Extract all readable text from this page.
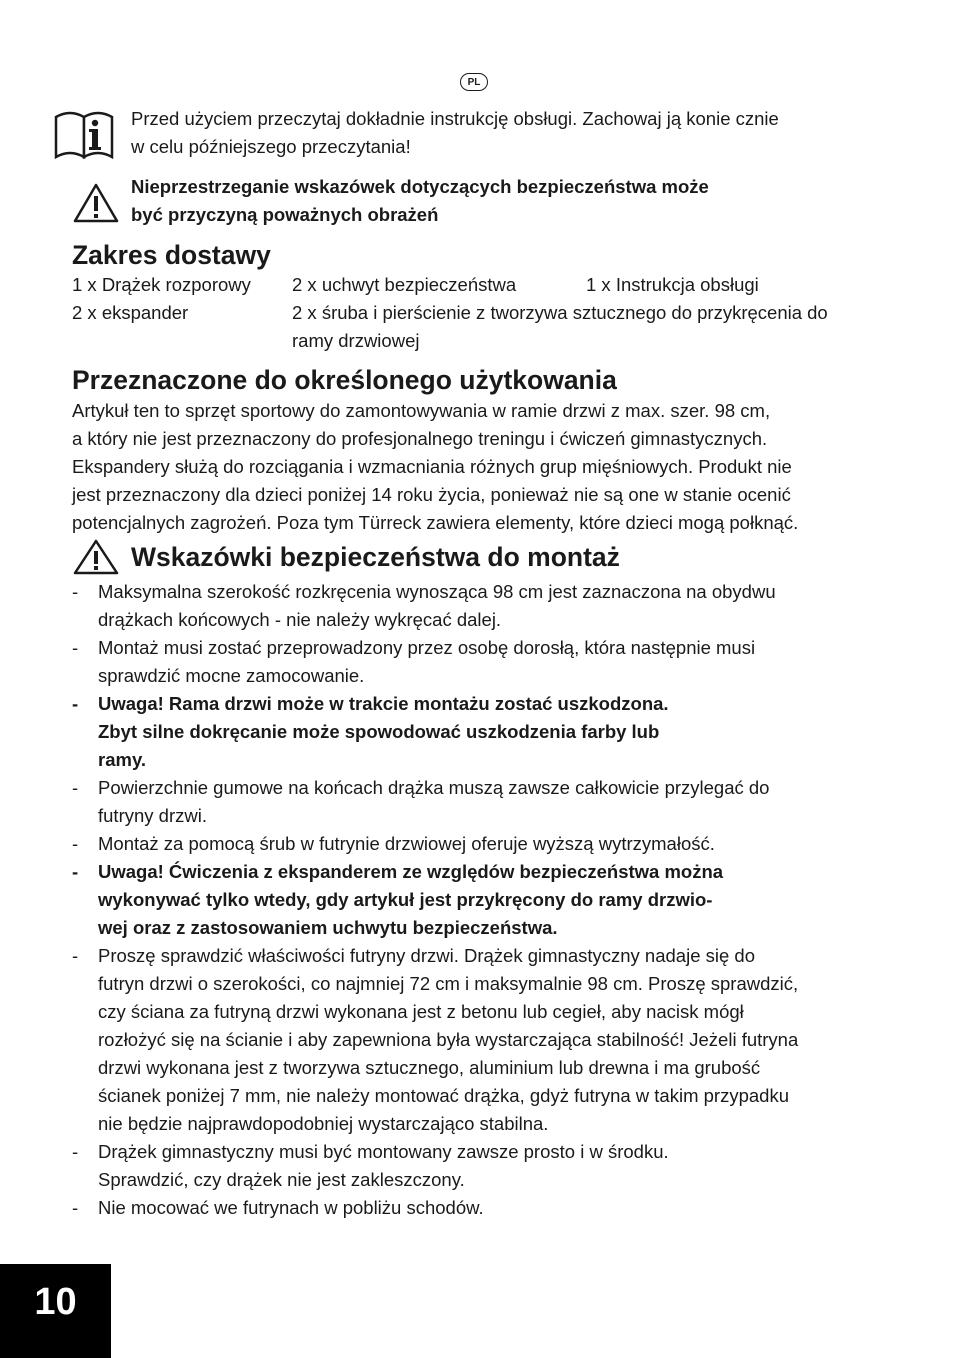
PL
Przed użyciem przeczytaj dokładnie instrukcję obsługi. Zachowaj ją konie cznie
w celu późniejszego przeczytania!
Nieprzestrzeganie wskazówek dotyczących bezpieczeństwa może
być przyczyną poważnych obrażeń
Zakres dostawy
1 x Drążek rozporowy
2 x ekspander
2 x uchwyt bezpieczeństwa
2 x śruba i pierścienie z tworzywa sztucznego do przykręcenia do
ramy drzwiowej
1 x Instrukcja obsługi
Przeznaczone do określonego użytkowania
Artykuł ten to sprzęt sportowy do zamontowywania w ramie drzwi z max. szer. 98 cm,
a który nie jest przeznaczony do profesjonalnego treningu i ćwiczeń gimnastycznych.
Ekspandery służą do rozciągania i wzmacniania różnych grup mięśniowych. Produkt nie
jest przeznaczony dla dzieci poniżej 14 roku życia, ponieważ nie są one w stanie ocenić
potencjalnych zagrożeń. Poza tym Türreck zawiera elementy, które dzieci mogą połknąć.
Wskazówki bezpieczeństwa do montaż
- Maksymalna szerokość rozkręcenia wynosząca 98 cm jest zaznaczona na obydwu
drążkach końcowych - nie należy wykręcać dalej.
- Montaż musi zostać przeprowadzony przez osobę dorosłą, która następnie musi
sprawdzić mocne zamocowanie.
- Uwaga! Rama drzwi może w trakcie montażu zostać uszkodzona.
Zbyt silne dokręcanie może spowodować uszkodzenia farby lub
ramy.
- Powierzchnie gumowe na końcach drążka muszą zawsze całkowicie przylegać do
futryny drzwi.
- Montaż za pomocą śrub w futrynie drzwiowej oferuje wyższą wytrzymałość.
- Uwaga! Ćwiczenia z ekspanderem ze względów bezpieczeństwa można
wykonywać tylko wtedy, gdy artykuł jest przykręcony do ramy drzwio-
wej oraz z zastosowaniem uchwytu bezpieczeństwa.
- Proszę sprawdzić właściwości futryny drzwi. Drążek gimnastyczny nadaje się do
futryn drzwi o szerokości, co najmniej 72 cm i maksymalnie 98 cm. Proszę sprawdzić,
czy ściana za futryną drzwi wykonana jest z betonu lub cegieł, aby nacisk mógł
rozłożyć się na ścianie i aby zapewniona była wystarczająca stabilność! Jeżeli futryna
drzwi wykonana jest z tworzywa sztucznego, aluminium lub drewna i ma grubość
ścianek poniżej 7 mm, nie należy montować drążka, gdyż futryna w takim przypadku
nie będzie najprawdopodobniej wystarczająco stabilna.
- Drążek gimnastyczny musi być montowany zawsze prosto i w środku.
Sprawdzić, czy drążek nie jest zakleszczony.
- Nie mocować we futrynach w pobliżu schodów.
10
